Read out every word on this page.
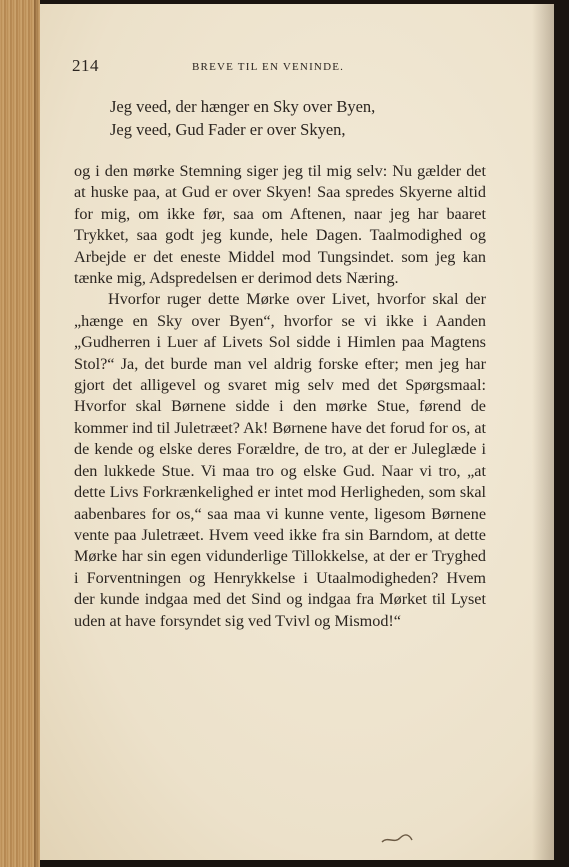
214	BREVE TIL EN VENINDE.
Jeg veed, der hænger en Sky over Byen,
Jeg veed, Gud Fader er over Skyen,

og i den mørke Stemning siger jeg til mig selv: Nu gælder det at huske paa, at Gud er over Skyen! Saa spredes Skyerne altid for mig, om ikke før, saa om Aftenen, naar jeg har baaret Trykket, saa godt jeg kunde, hele Dagen. Taalmodighed og Arbejde er det eneste Middel mod Tungsindet. som jeg kan tænke mig, Adspredelsen er derimod dets Næring.

Hvorfor ruger dette Mørke over Livet, hvorfor skal der „hænge en Sky over Byen“, hvorfor se vi ikke i Aanden „Gudherren i Luer af Livets Sol sidde i Himlen paa Magtens Stol?“ Ja, det burde man vel aldrig forske efter; men jeg har gjort det alligevel og svaret mig selv med det Spørgsmaal: Hvorfor skal Børnene sidde i den mørke Stue, førend de kommer ind til Juletræet? Ak! Børnene have det forud for os, at de kende og elske deres Forældre, de tro, at der er Juleglæde i den lukkede Stue. Vi maa tro og elske Gud. Naar vi tro, „at dette Livs Forkrænkelighed er intet mod Herligheden, som skal aabenbares for os,“ saa maa vi kunne vente, ligesom Børnene vente paa Juletræet. Hvem veed ikke fra sin Barndom, at dette Mørke har sin egen vidunderlige Tillokkelse, at der er Tryghed i Forventningen og Henrykkelse i Utaalmodigheden? Hvem der kunde indgaa med det Sind og indgaa fra Mørket til Lyset uden at have forsyndet sig ved Tvivl og Mismod!“
